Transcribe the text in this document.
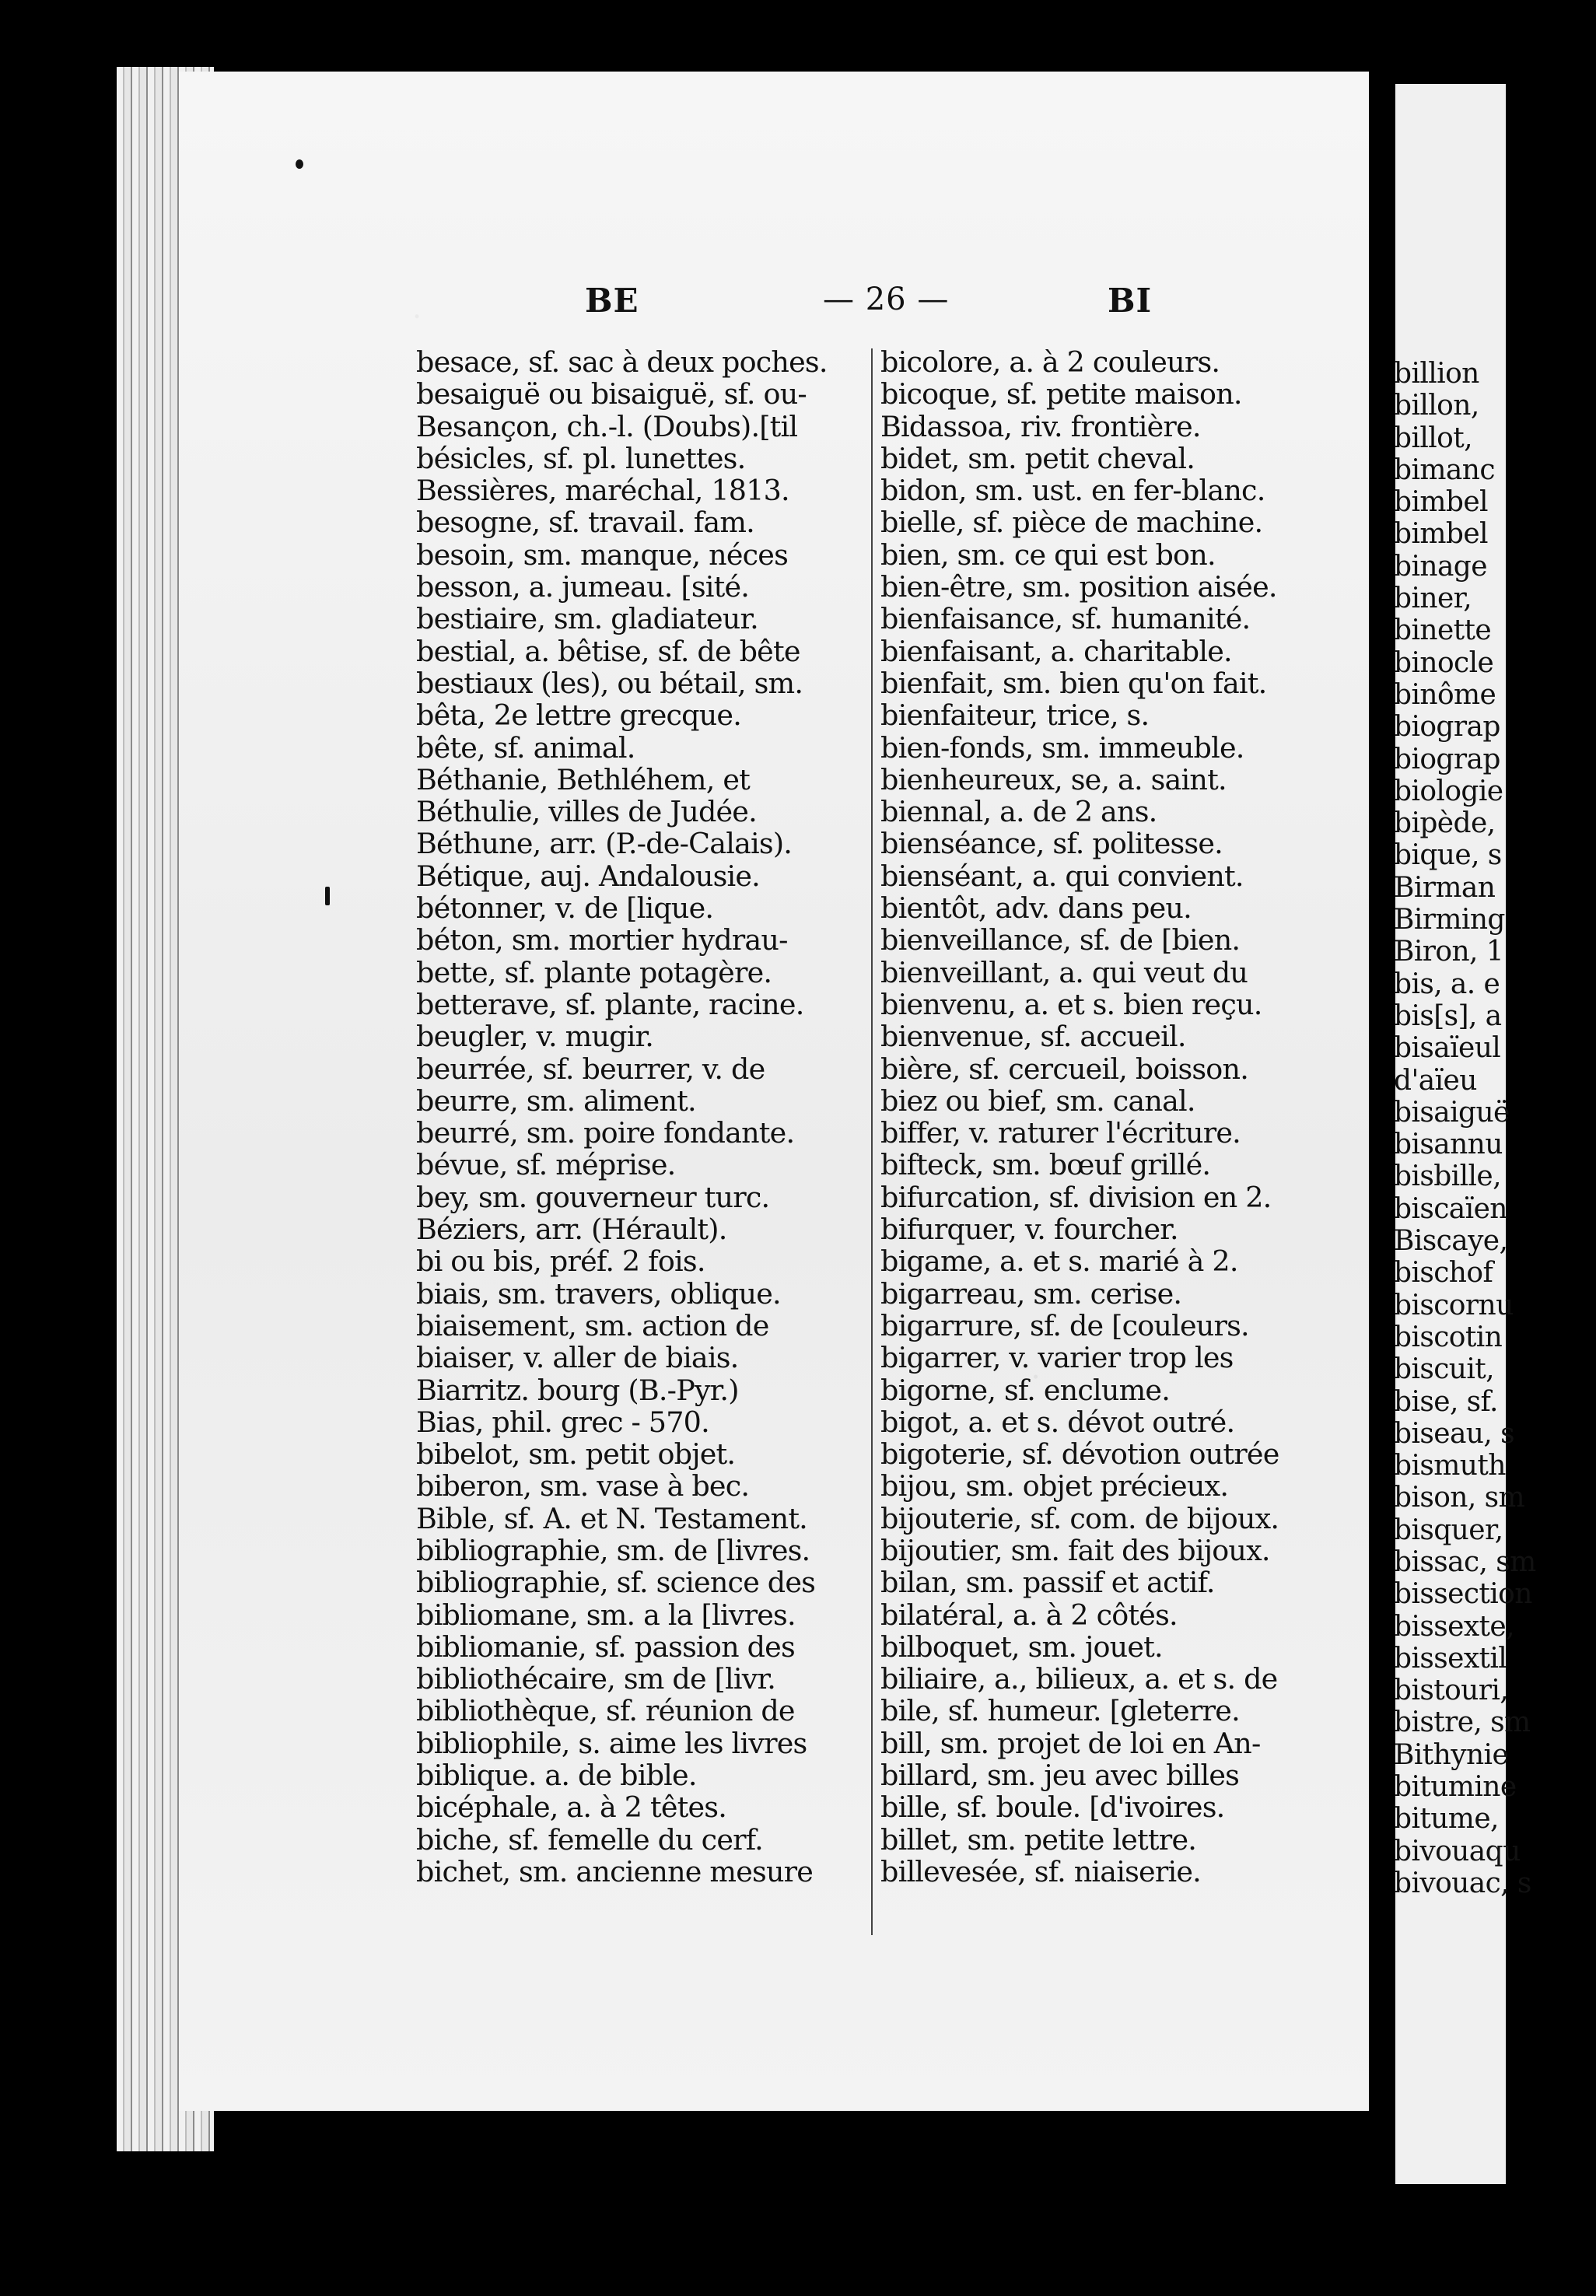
billion
billon,
billot,
bimanc
bimbel
bimbel
binage
biner,
binette
binocle
binôme
biograp
biograp
biologie
bipède,
bique, s
Birman
Birming
Biron, 1
bis, a. e
bis[s], a
bisaïeul
d'aïeu
bisaiguë
bisannu
bisbille,
biscaïen
Biscaye,
bischof
biscornu
biscotin
biscuit,
bise, sf.
biseau, s
bismuth
bison, sm
bisquer,
bissac, sm
bissection
bissexte,
bissextil
bistouri,
bistre, sm
Bithynie
bitumine
bitume,
bivouaqu
bivouac, s
BE	— 26 —	BI
besace, sf. sac à deux poches.
besaiguë ou bisaiguë, sf. ou-
Besançon, ch.-l. (Doubs).[til
bésicles, sf. pl. lunettes.
Bessières, maréchal, 1813.
besogne, sf. travail. fam.
besoin, sm. manque, néces
besson, a. jumeau. [sité.
bestiaire, sm. gladiateur.
bestial, a. bêtise, sf. de bête
bestiaux (les), ou bétail, sm.
bêta, 2e lettre grecque.
bête, sf. animal.
Béthanie, Bethléhem, et
Béthulie, villes de Judée.
Béthune, arr. (P.-de-Calais).
Bétique, auj. Andalousie.
bétonner, v. de [lique.
béton, sm. mortier hydrau-
bette, sf. plante potagère.
betterave, sf. plante, racine.
beugler, v. mugir.
beurrée, sf. beurrer, v. de
beurre, sm. aliment.
beurré, sm. poire fondante.
bévue, sf. méprise.
bey, sm. gouverneur turc.
Béziers, arr. (Hérault).
bi ou bis, préf. 2 fois.
biais, sm. travers, oblique.
biaisement, sm. action de
biaiser, v. aller de biais.
Biarritz. bourg (B.-Pyr.)
Bias, phil. grec - 570.
bibelot, sm. petit objet.
biberon, sm. vase à bec.
Bible, sf. A. et N. Testament.
bibliographie, sm. de [livres.
bibliographie, sf. science des
bibliomane, sm. a la [livres.
bibliomanie, sf. passion des
bibliothécaire, sm de [livr.
bibliothèque, sf. réunion de
bibliophile, s. aime les livres
biblique. a. de bible.
bicéphale, a. à 2 têtes.
biche, sf. femelle du cerf.
bichet, sm. ancienne mesure
bicolore, a. à 2 couleurs.
bicoque, sf. petite maison.
Bidassoa, riv. frontière.
bidet, sm. petit cheval.
bidon, sm. ust. en fer-blanc.
bielle, sf. pièce de machine.
bien, sm. ce qui est bon.
bien-être, sm. position aisée.
bienfaisance, sf. humanité.
bienfaisant, a. charitable.
bienfait, sm. bien qu'on fait.
bienfaiteur, trice, s.
bien-fonds, sm. immeuble.
bienheureux, se, a. saint.
biennal, a. de 2 ans.
bienséance, sf. politesse.
bienséant, a. qui convient.
bientôt, adv. dans peu.
bienveillance, sf. de [bien.
bienveillant, a. qui veut du
bienvenu, a. et s. bien reçu.
bienvenue, sf. accueil.
bière, sf. cercueil, boisson.
biez ou bief, sm. canal.
biffer, v. raturer l'écriture.
bifteck, sm. bœuf grillé.
bifurcation, sf. division en 2.
bifurquer, v. fourcher.
bigame, a. et s. marié à 2.
bigarreau, sm. cerise.
bigarrure, sf. de [couleurs.
bigarrer, v. varier trop les
bigorne, sf. enclume.
bigot, a. et s. dévot outré.
bigoterie, sf. dévotion outrée
bijou, sm. objet précieux.
bijouterie, sf. com. de bijoux.
bijoutier, sm. fait des bijoux.
bilan, sm. passif et actif.
bilatéral, a. à 2 côtés.
bilboquet, sm. jouet.
biliaire, a., bilieux, a. et s. de
bile, sf. humeur. [gleterre.
bill, sm. projet de loi en An-
billard, sm. jeu avec billes
bille, sf. boule. [d'ivoires.
billet, sm. petite lettre.
billevesée, sf. niaiserie.
